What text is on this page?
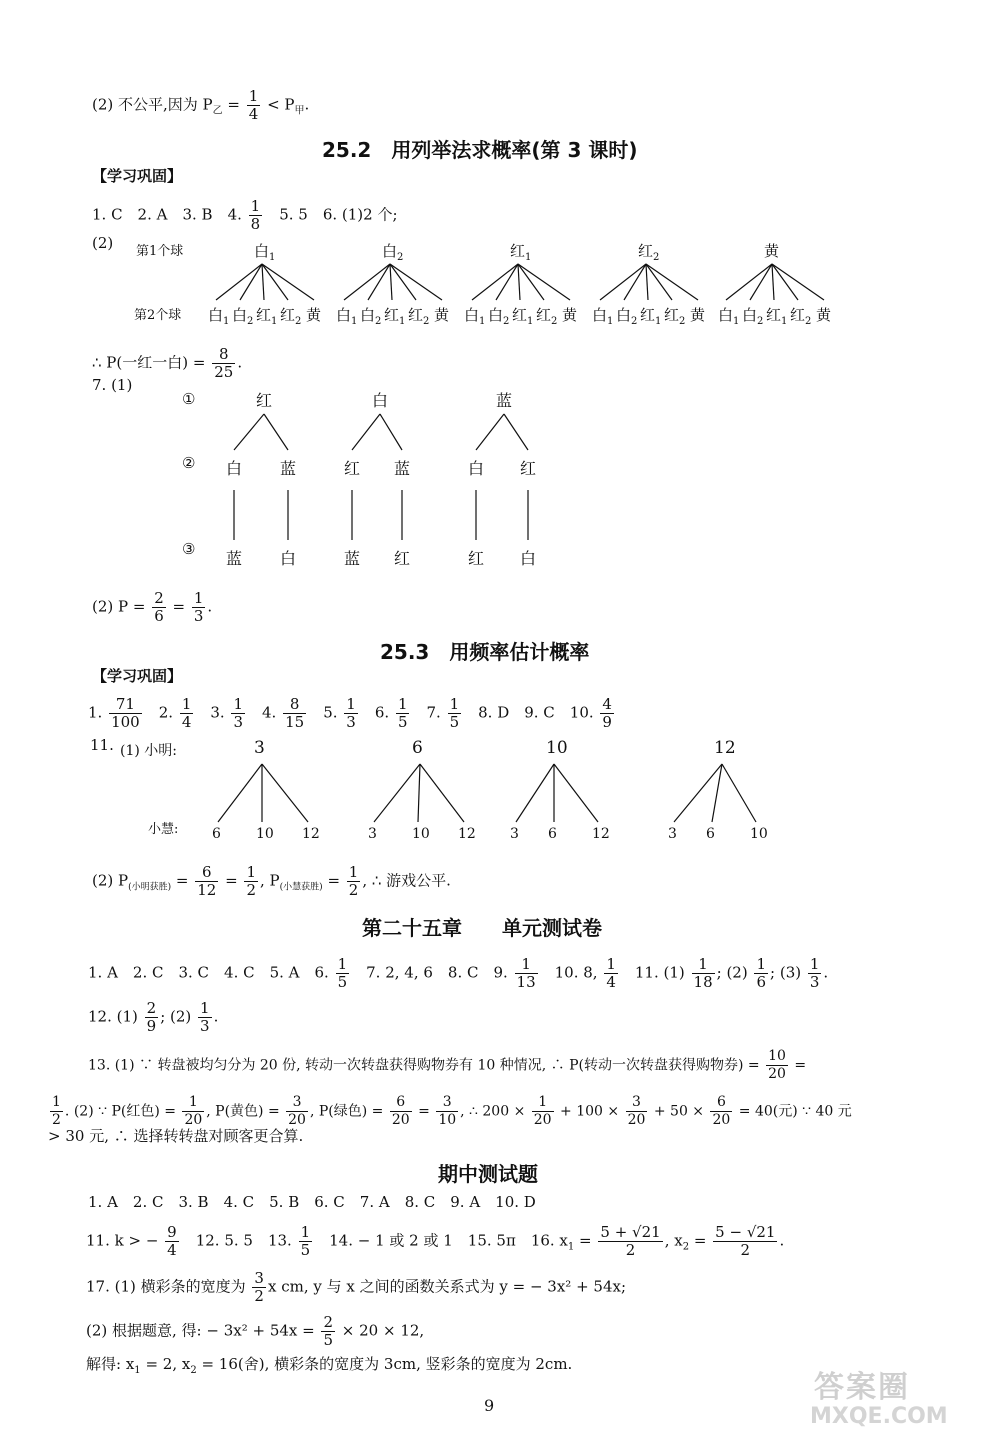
(2) 不公平,因为 $P_乙 = \frac{1}{4} < P_甲$.
25.2　用列举法求概率(第 3 课时)
【学习巩固】
1. C　2. A　3. B　4. $\frac{1}{8}$ 　5. 5　6. (1)2 个;
(2) 第1个球
第2个球
白$_1$
白$_1$ 白$_2$ 红$_1$ 红$_2$ 黄
白$_2$
白$_1$ 白$_2$ 红$_1$ 红$_2$ 黄
红$_1$
白$_1$ 白$_2$ 红$_1$ 红$_2$ 黄
红$_2$
白$_1$ 白$_2$ 红$_1$ 红$_2$ 黄
黄
白$_1$ 白$_2$ 红$_1$ 红$_2$ 黄
∴ P(一红一白) = $\frac{8}{25}$ .
7. (1)
①
②
③
红
白
蓝
蓝
白
白
红
蓝
蓝
红
蓝
白
红
红
白
(2) $P = \frac{2}{6} = \frac{1}{3}$ .
25.3　用频率估计概率
【学习巩固】
1. $\frac{71}{100}$ 　2. $\frac{1}{4}$ 　3. $\frac{1}{3}$ 　4. $\frac{8}{15}$ 　5. $\frac{1}{3}$ 　6. $\frac{1}{5}$ 　7. $\frac{1}{5}$ 　8. D　9. C　10. $\frac{4}{9}$
11. (1) 小明:
小慧:
3
6	10 12
6
3	10 12
10
3 6	12
12
3 6	10
(2) $P_{(小明获胜)} = \frac{6}{12} = \frac{1}{2}$ , $P_{(小慧获胜)} = \frac{1}{2}$ , ∴ 游戏公平.
第二十五章　　单元测试卷
1. A　2. C　3. C　4. C　5. A　6. $\frac{1}{5}$ 　7. 2, 4, 6　8. C　9. $\frac{1}{13}$ 　10. 8, $\frac{1}{4}$ 　11. $(1) \frac{1}{18}$ ; $(2) \frac{1}{6}$ ; $(3) \frac{1}{3}$ .
12. $(1) \frac{2}{9}$ ; $(2) \frac{1}{3}$ .
13. (1) ∵ 转盘被均匀分为 20 份, 转动一次转盘获得购物券有 10 种情况, ∴ P(转动一次转盘获得购物券) = $\frac{10}{20}$ =
$\frac{1}{2}$ . (2) ∵ P(红色) = $\frac{1}{20}$ , P(黄色) = $\frac{3}{20}$ , P(绿色) = $\frac{6}{20} = \frac{3}{10}$ , ∴ $200 \times \frac{1}{20} + 100 \times \frac{3}{20} + 50 \times \frac{6}{20} = 40$(元) ∵ 40 元
> 30 元, ∴ 选择转转盘对顾客更合算.
期中测试题
1. A　2. C　3. B　4. C　5. B　6. C　7. A　8. C　9. A　10. D
11. k > − $\frac{9}{4}$ 　12. 5. 5　13. $\frac{1}{5}$ 　14. − 1 或 2 或 1　15. 5π　16. $x_1 = \frac{5 + √21}{2}$ , $x_2 = \frac{5 - √21}{2}$ .
17. (1) 横彩条的宽度为 $\frac{3}{2}$ x cm, y 与 x 之间的函数关系式为 y = − 3x² + 54x;
(2) 根据题意, 得: − $3x^2 + 54x = \frac{2}{5} \times 20 \times 12$,
解得: $x_1 = 2$, $x_2 = 16$(舍), 横彩条的宽度为 3cm, 竖彩条的宽度为 2cm.
9
答案圈
MXQE.COM
